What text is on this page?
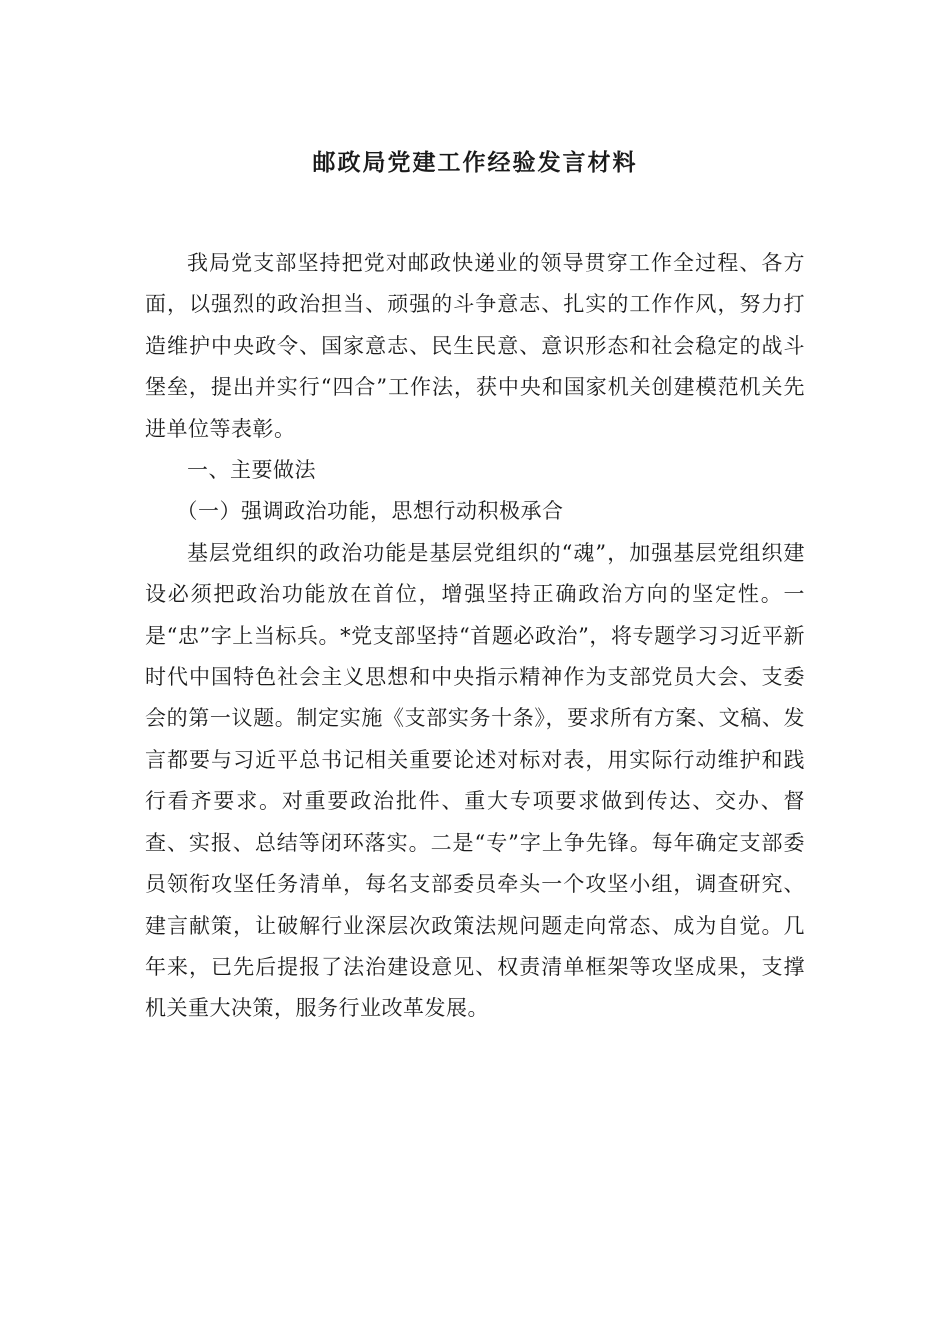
邮政局党建工作经验发言材料

我局党支部坚持把党对邮政快递业的领导贯穿工作全过程、各方面，以强烈的政治担当、顽强的斗争意志、扎实的工作作风，努力打造维护中央政令、国家意志、民生民意、意识形态和社会稳定的战斗堡垒，提出并实行“四合”工作法，获中央和国家机关创建模范机关先进单位等表彰。

一、主要做法

（一）强调政治功能，思想行动积极承合

基层党组织的政治功能是基层党组织的“魂”，加强基层党组织建设必须把政治功能放在首位，增强坚持正确政治方向的坚定性。一是“忠”字上当标兵。*党支部坚持“首题必政治”，将专题学习习近平新时代中国特色社会主义思想和中央指示精神作为支部党员大会、支委会的第一议题。制定实施《支部实务十条》，要求所有方案、文稿、发言都要与习近平总书记相关重要论述对标对表，用实际行动维护和践行看齐要求。对重要政治批件、重大专项要求做到传达、交办、督查、实报、总结等闭环落实。二是“专”字上争先锋。每年确定支部委员领衔攻坚任务清单，每名支部委员牵头一个攻坚小组，调查研究、建言献策，让破解行业深层次政策法规问题走向常态、成为自觉。几年来，已先后提报了法治建设意见、权责清单框架等攻坚成果，支撑机关重大决策，服务行业改革发展。
